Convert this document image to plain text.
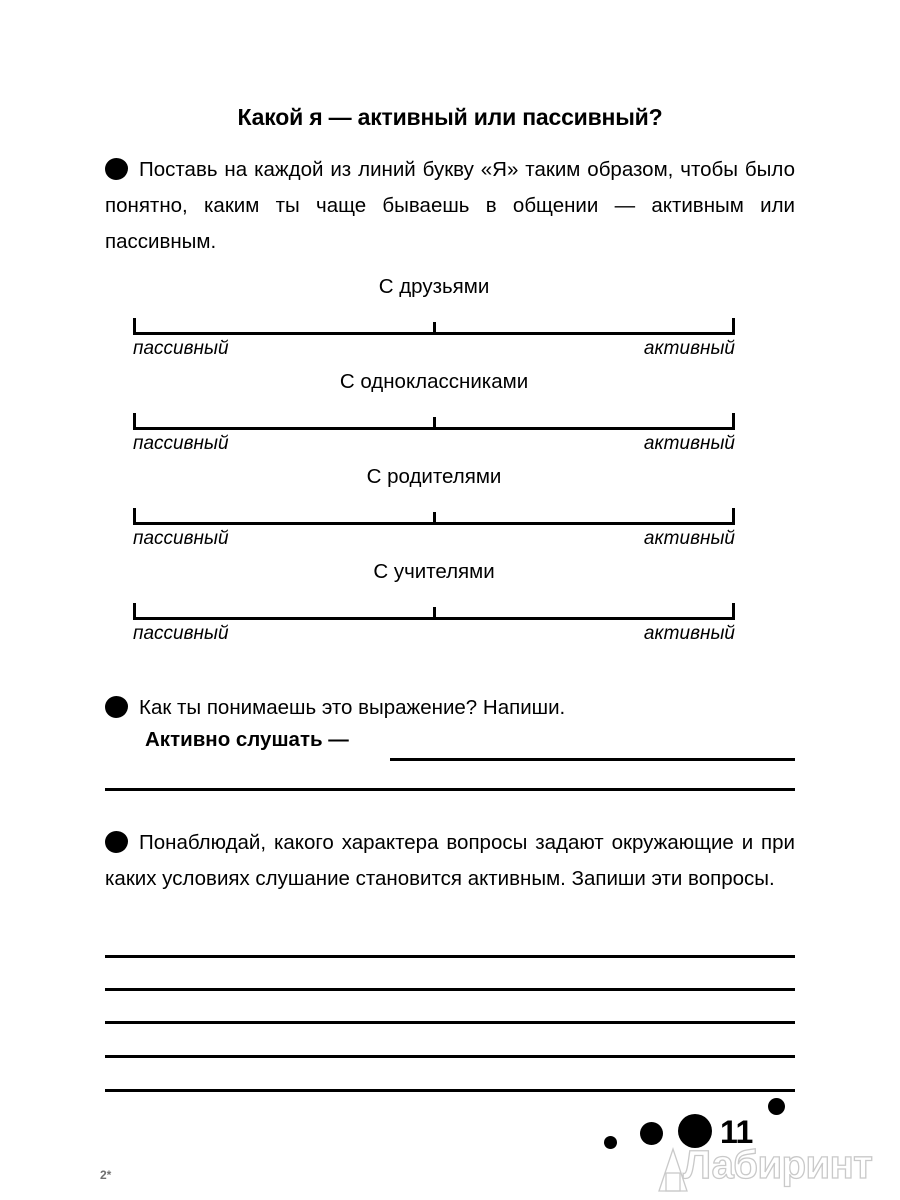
Какой я — активный или пассивный?
Поставь на каждой из линий букву «Я» таким образом, чтобы было понятно, каким ты чаще бываешь в общении — активным или пассивным.
С друзьями
пассивный	активный
С одноклассниками
пассивный	активный
С родителями
пассивный	активный
С учителями
пассивный	активный
Как ты понимаешь это выражение? Напиши.
Активно слушать —
Понаблюдай, какого характера вопросы задают окружающие и при каких условиях слушание становится активным. Запиши эти вопросы.
Лабиринт
11
2*
